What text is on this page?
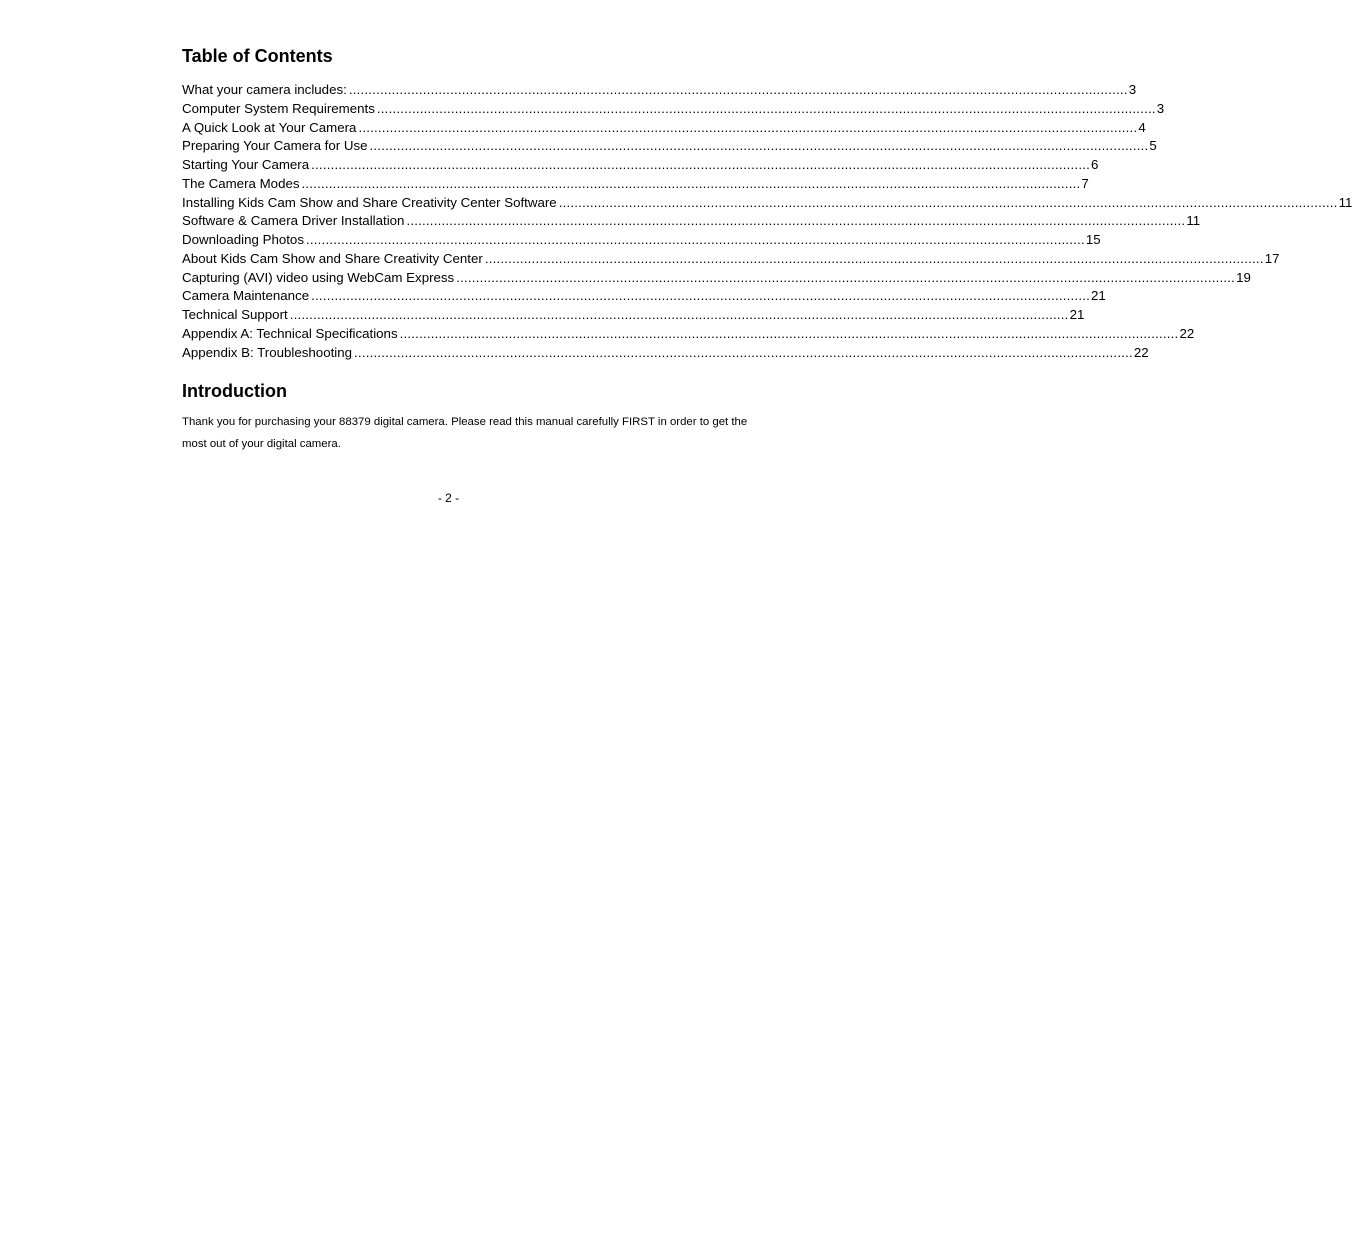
Table of Contents
What your camera includes: ........................................................................................................................................................................................................ 3
Computer System Requirements ........................................................................................................................................................................................................ 3
A Quick Look at Your Camera ........................................................................................................................................................................................................ 4
Preparing Your Camera for Use ........................................................................................................................................................................................................ 5
Starting Your Camera ........................................................................................................................................................................................................ 6
The Camera Modes ........................................................................................................................................................................................................ 7
Installing Kids Cam Show and Share Creativity Center Software ........................................................................................................................................................................................................ 11
Software & Camera Driver Installation ........................................................................................................................................................................................................ 11
Downloading Photos ........................................................................................................................................................................................................ 15
About Kids Cam Show and Share Creativity Center ........................................................................................................................................................................................................ 17
Capturing (AVI) video using WebCam Express ........................................................................................................................................................................................................ 19
Camera Maintenance ........................................................................................................................................................................................................ 21
Technical Support ........................................................................................................................................................................................................ 21
Appendix A: Technical Specifications ........................................................................................................................................................................................................ 22
Appendix B: Troubleshooting ........................................................................................................................................................................................................ 22
Introduction

Thank you for purchasing your 88379 digital camera. Please read this manual carefully FIRST in order to get the most out of your digital camera.

- 2 -
